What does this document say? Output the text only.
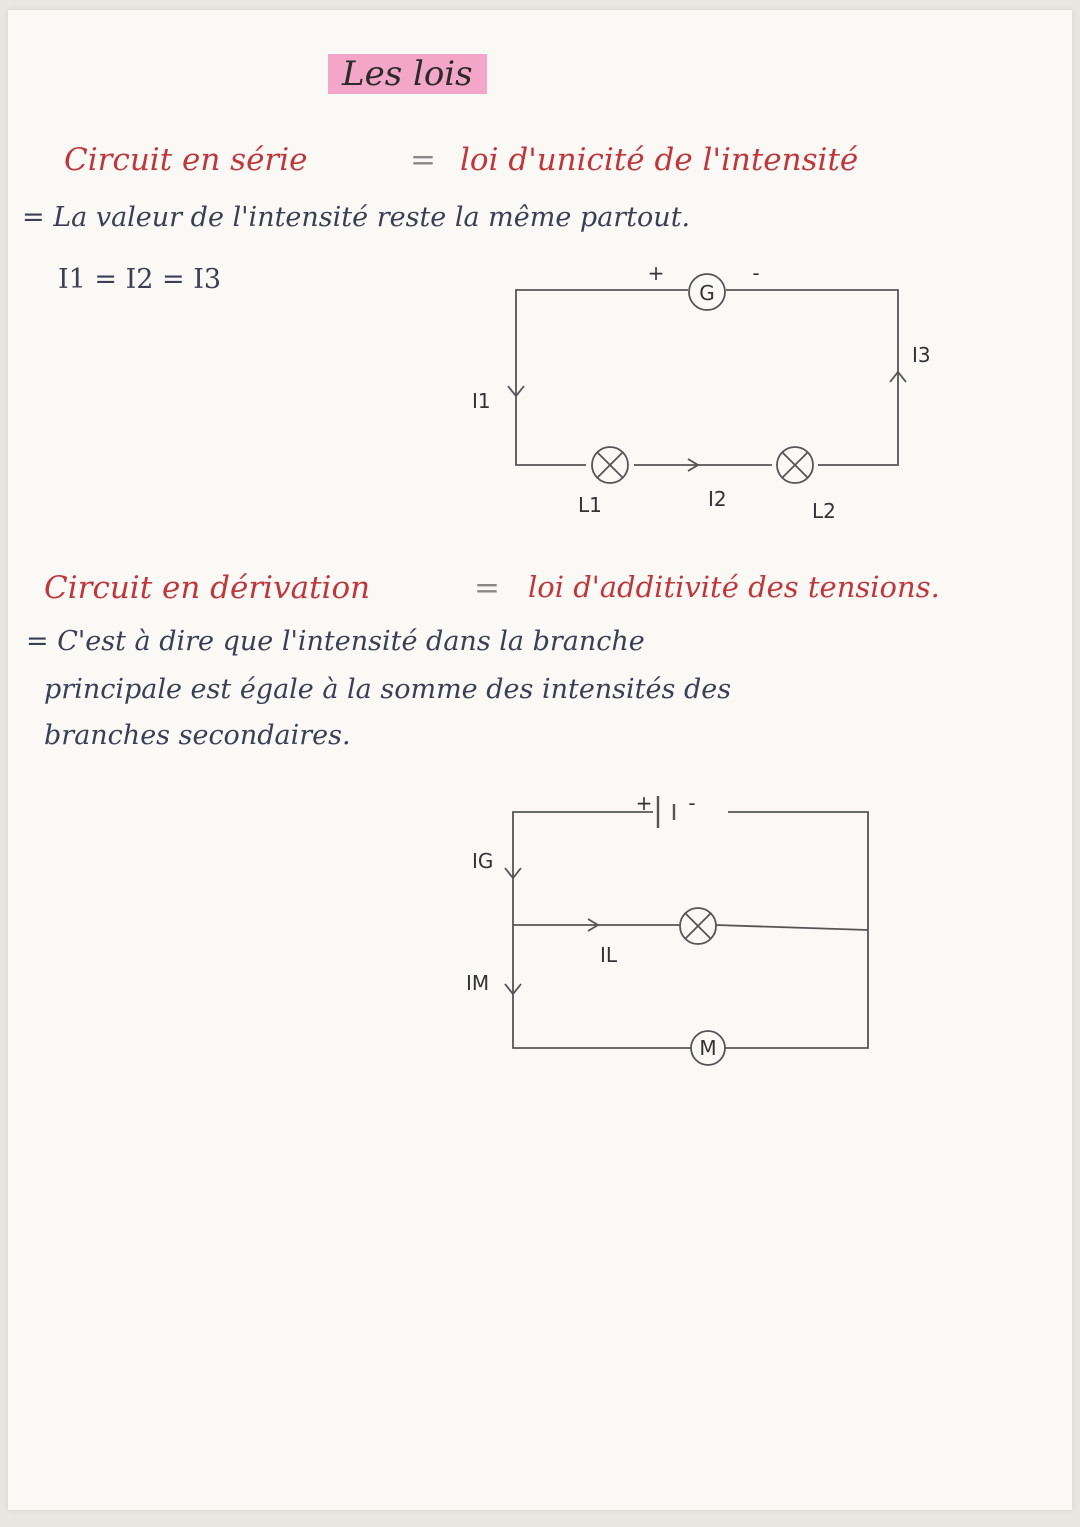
Les lois
Circuit en série	= loi d'unicité de l'intensité
= La valeur de l'intensité reste la même partout.
I1 = I2 = I3
Circuit en dérivation	= loi d'additivité des tensions.
= C'est à dire que l'intensité dans la branche
principale est égale à la somme des intensités des
branches secondaires.
G
+	-
L1	L2
I1
I2
I3
+ -
M
IG
IL
IM
